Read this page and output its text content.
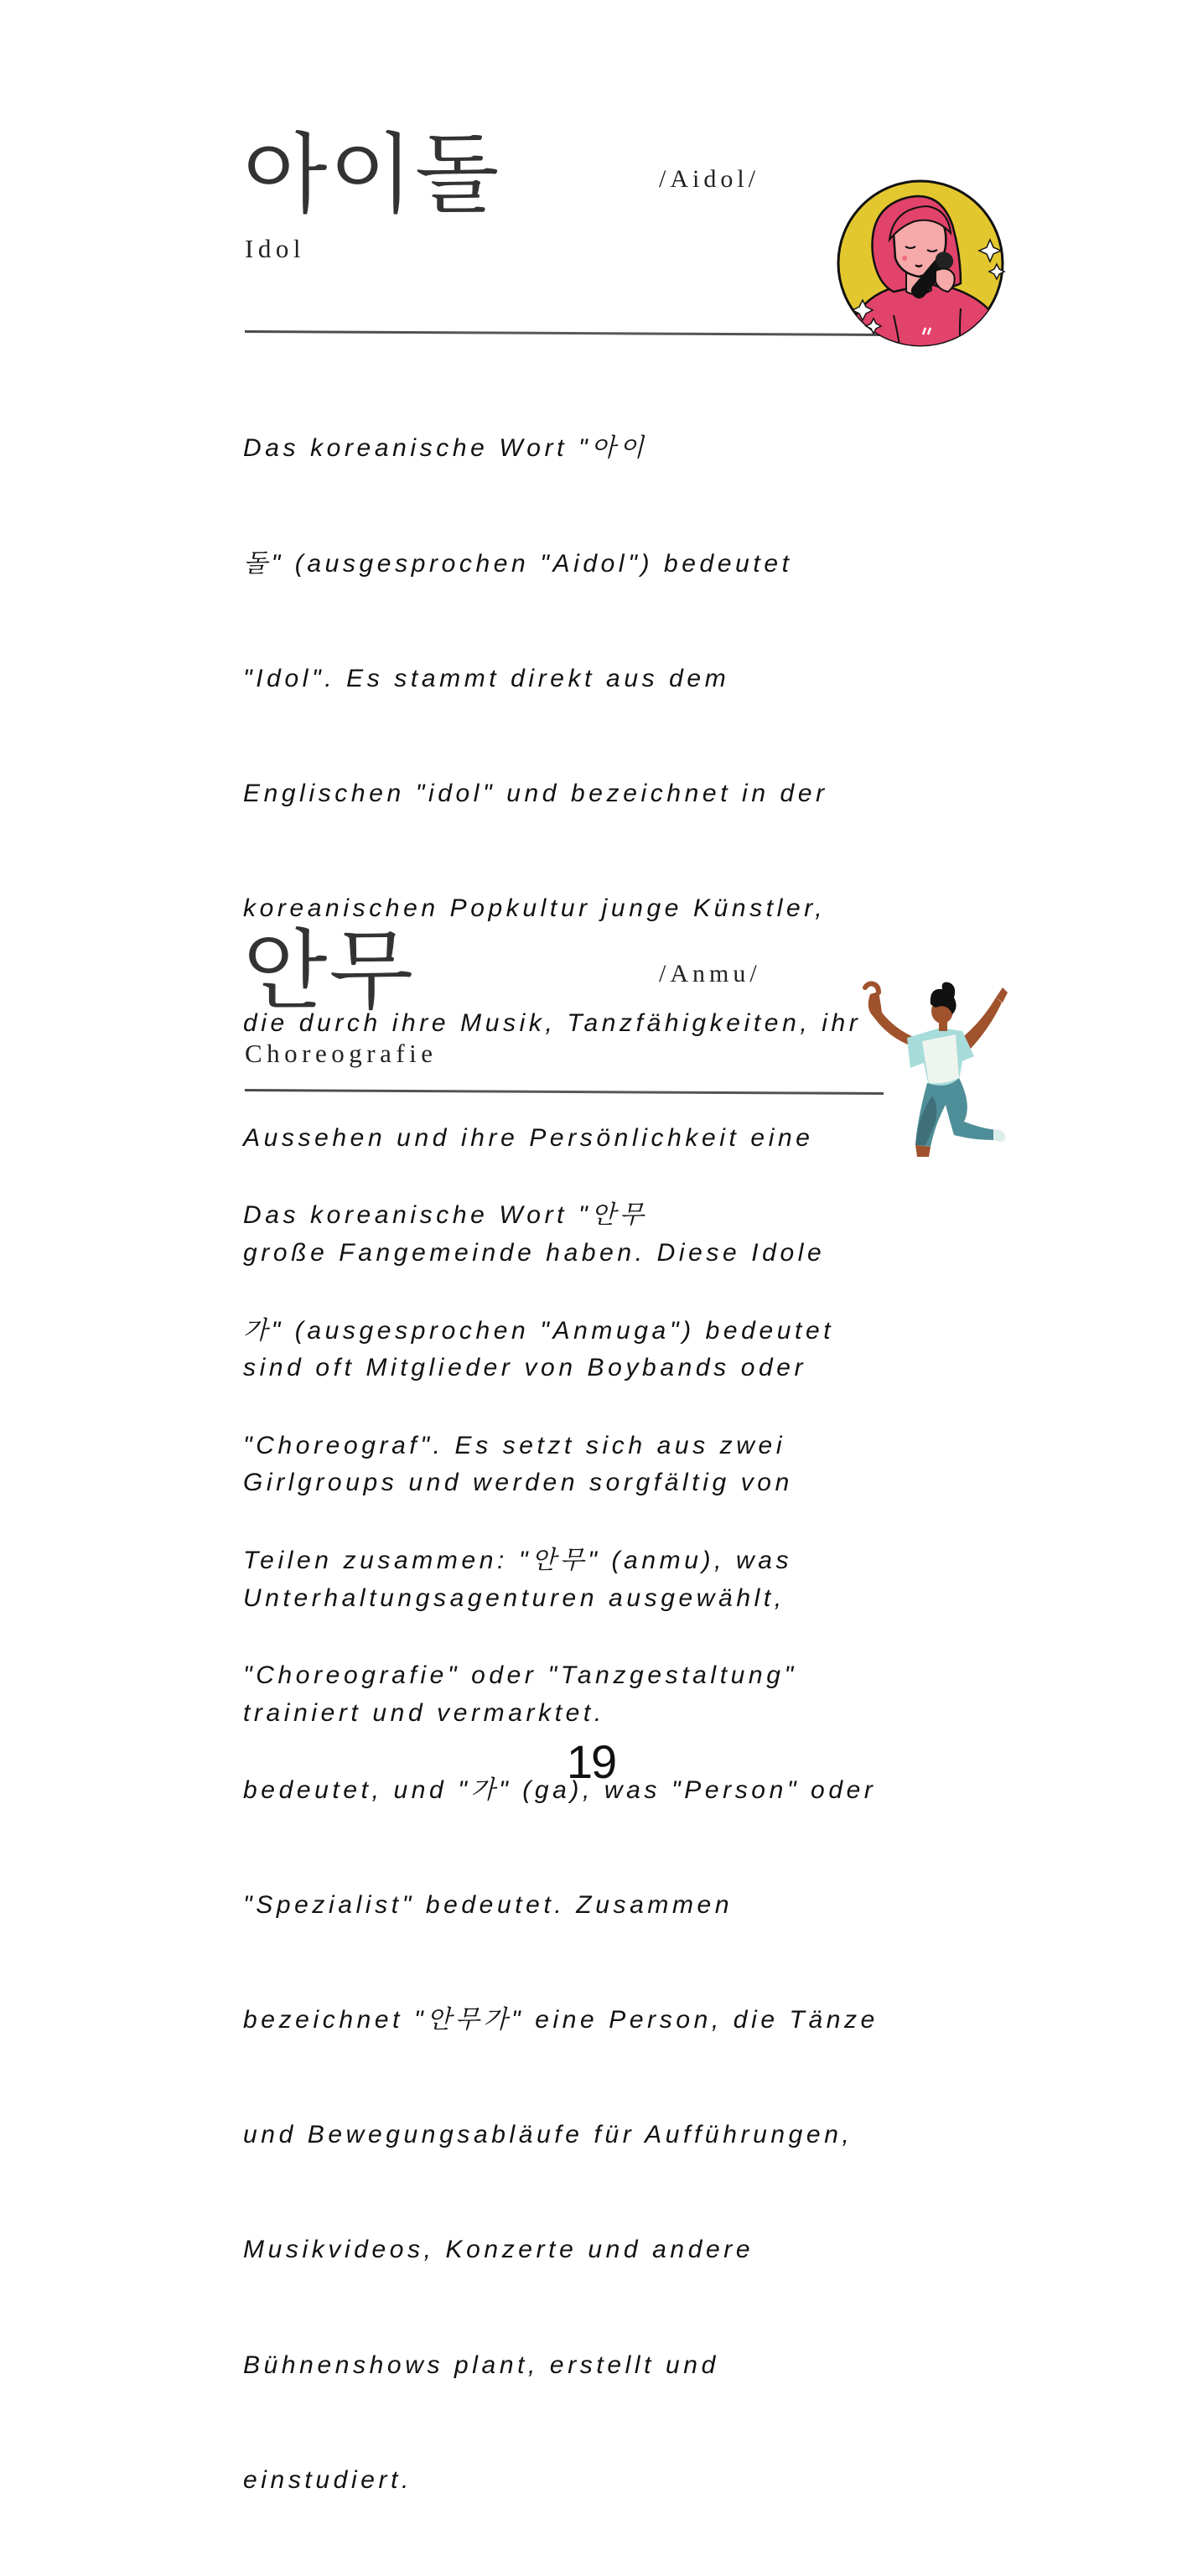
아이돌	/Aidol/
Idol

Das koreanische Wort "아이

돌" (ausgesprochen "Aidol") bedeutet

"Idol". Es stammt direkt aus dem

Englischen "idol" und bezeichnet in der

koreanischen Popkultur junge Künstler,

die durch ihre Musik, Tanzfähigkeiten, ihr

Aussehen und ihre Persönlichkeit eine

große Fangemeinde haben. Diese Idole

sind oft Mitglieder von Boybands oder

Girlgroups und werden sorgfältig von

Unterhaltungsagenturen ausgewählt,

trainiert und vermarktet.

안무	/Anmu/
Choreografie

Das koreanische Wort "안무

가" (ausgesprochen "Anmuga") bedeutet

"Choreograf". Es setzt sich aus zwei

Teilen zusammen: "안무" (anmu), was

"Choreografie" oder "Tanzgestaltung"

bedeutet, und "가" (ga), was "Person" oder

"Spezialist" bedeutet. Zusammen

bezeichnet "안무가" eine Person, die Tänze

und Bewegungsabläufe für Aufführungen,

Musikvideos, Konzerte und andere

Bühnenshows plant, erstellt und

einstudiert.

19
